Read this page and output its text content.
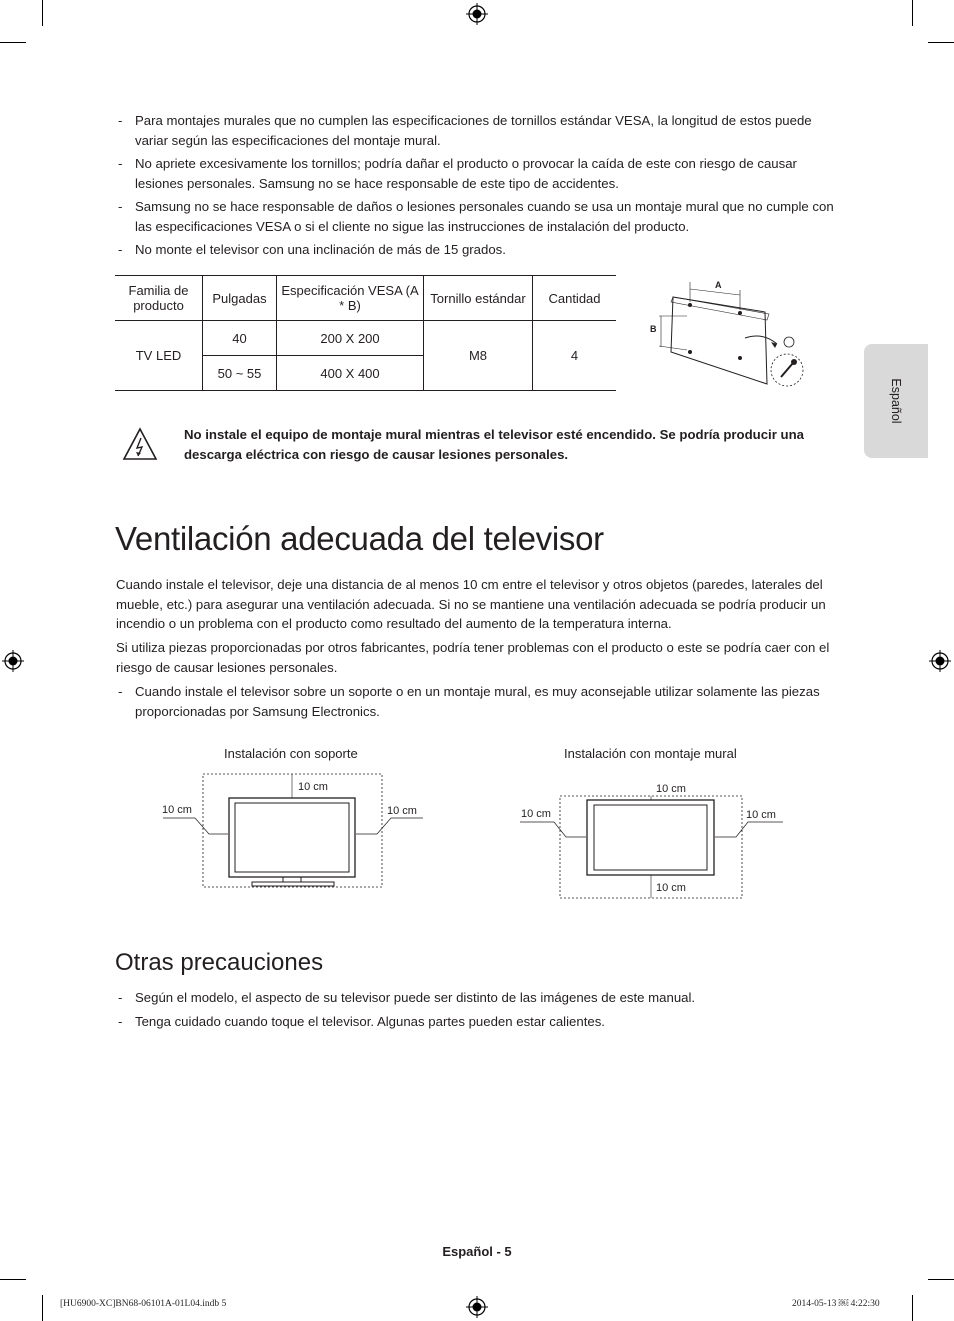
- Para montajes murales que no cumplen las especificaciones de tornillos estándar VESA, la longitud de estos puede variar según las especificaciones del montaje mural.
- No apriete excesivamente los tornillos; podría dañar el producto o provocar la caída de este con riesgo de causar lesiones personales. Samsung no se hace responsable de este tipo de accidentes.
- Samsung no se hace responsable de daños o lesiones personales cuando se usa un montaje mural que no cumple con las especificaciones VESA o si el cliente no sigue las instrucciones de instalación del producto.
- No monte el televisor con una inclinación de más de 15 grados.
Familia de producto	Pulgadas	Especificación VESA (A * B)	Tornillo estándar	Cantidad
TV LED	40	200 X 200	M8	4
	50 ~ 55	400 X 400		
A
B
No instale el equipo de montaje mural mientras el televisor esté encendido. Se podría producir una descarga eléctrica con riesgo de causar lesiones personales.
Ventilación adecuada del televisor
Cuando instale el televisor, deje una distancia de al menos 10 cm entre el televisor y otros objetos (paredes, laterales del mueble, etc.) para asegurar una ventilación adecuada. Si no se mantiene una ventilación adecuada se podría producir un incendio o un problema con el producto como resultado del aumento de la temperatura interna.
Si utiliza piezas proporcionadas por otros fabricantes, podría tener problemas con el producto o este se podría caer con el riesgo de causar lesiones personales.
- Cuando instale el televisor sobre un soporte o en un montaje mural, es muy aconsejable utilizar solamente las piezas proporcionadas por Samsung Electronics.
Instalación con soporte	Instalación con montaje mural
10 cm
10 cm
10 cm	10 cm
10 cm
10 cm
10 cm
Otras precauciones
- Según el modelo, el aspecto de su televisor puede ser distinto de las imágenes de este manual.
- Tenga cuidado cuando toque el televisor. Algunas partes pueden estar calientes.
Español
Español - 5
[HU6900-XC]BN68-06101A-01L04.indb 5	2014-05-13 ￼ 4:22:30
